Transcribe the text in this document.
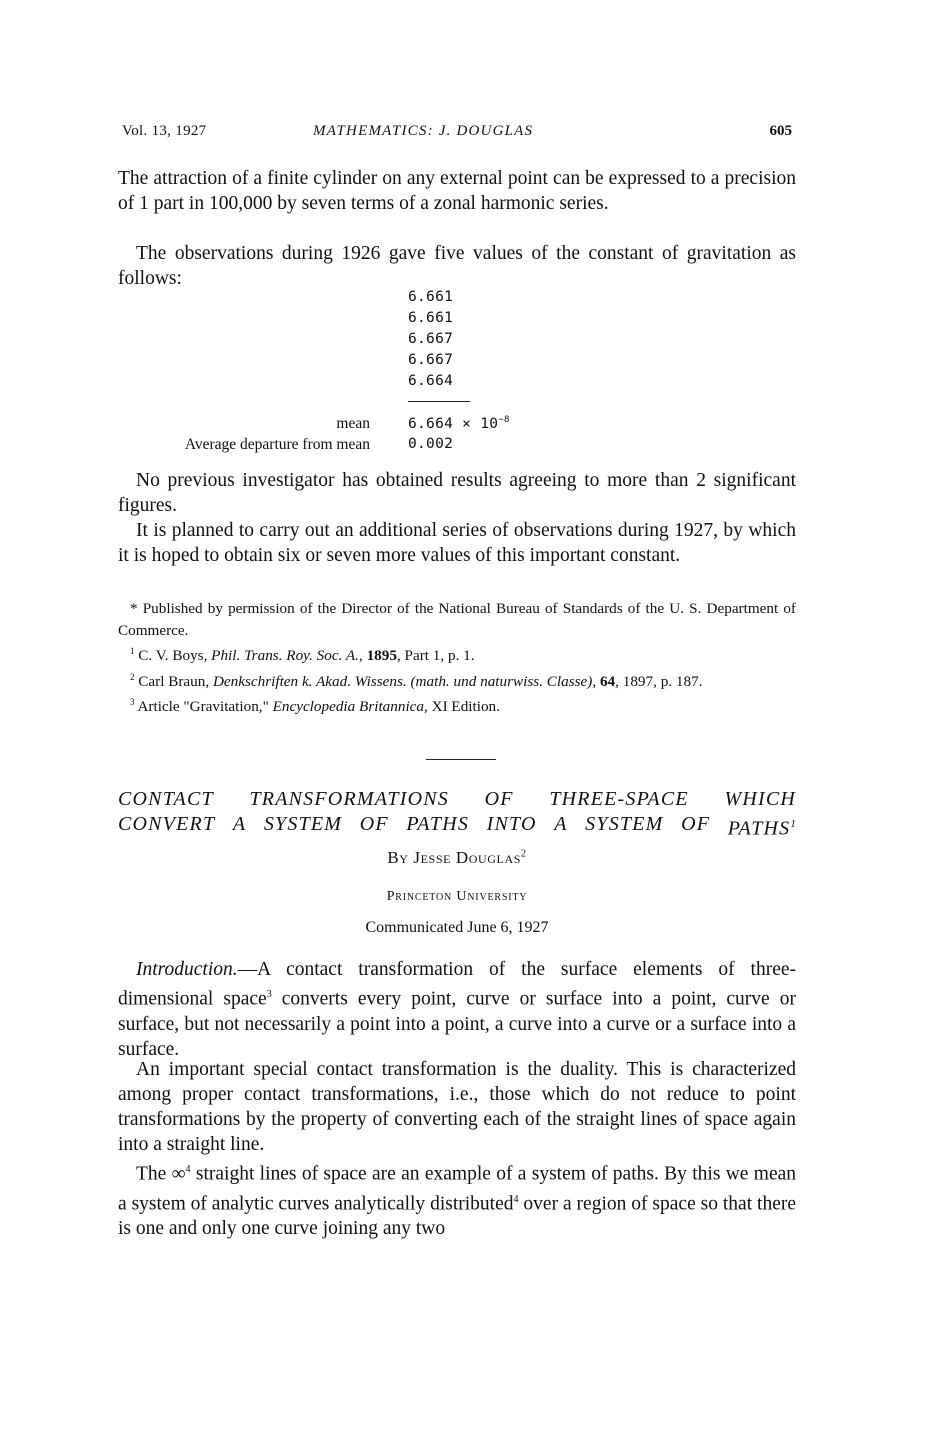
Vol. 13, 1927	MATHEMATICS: J. DOUGLAS	605

The attraction of a finite cylinder on any external point can be expressed to a precision of 1 part in 100,000 by seven terms of a zonal harmonic series.

The observations during 1926 gave five values of the constant of gravitation as follows:

6.661
6.661
6.667
6.667
6.664
mean	$6.664 \times 10^{-8}$
Average departure from mean	0.002

No previous investigator has obtained results agreeing to more than 2 significant figures.

It is planned to carry out an additional series of observations during 1927, by which it is hoped to obtain six or seven more values of this important constant.

* Published by permission of the Director of the National Bureau of Standards of the U. S. Department of Commerce.

$^1$ C. V. Boys, Phil. Trans. Roy. Soc. A., 1895, Part 1, p. 1.

$^2$ Carl Braun, Denkschriften k. Akad. Wissens. (math. und naturwiss. Classe), 64, 1897, p. 187.

$^3$ Article "Gravitation," Encyclopedia Britannica, XI Edition.

CONTACT TRANSFORMATIONS OF THREE-SPACE WHICH
CONVERT A SYSTEM OF PATHS INTO A SYSTEM OF PATHS$^1$
By Jesse Douglas$^2$
Princeton University
Communicated June 6, 1927

Introduction.—A contact transformation of the surface elements of three-dimensional space$^3$ converts every point, curve or surface into a point, curve or surface, but not necessarily a point into a point, a curve into a curve or a surface into a surface.

An important special contact transformation is the duality. This is characterized among proper contact transformations, i.e., those which do not reduce to point transformations by the property of converting each of the straight lines of space again into a straight line.

The ∞$^4$ straight lines of space are an example of a system of paths. By this we mean a system of analytic curves analytically distributed$^4$ over a region of space so that there is one and only one curve joining any two
